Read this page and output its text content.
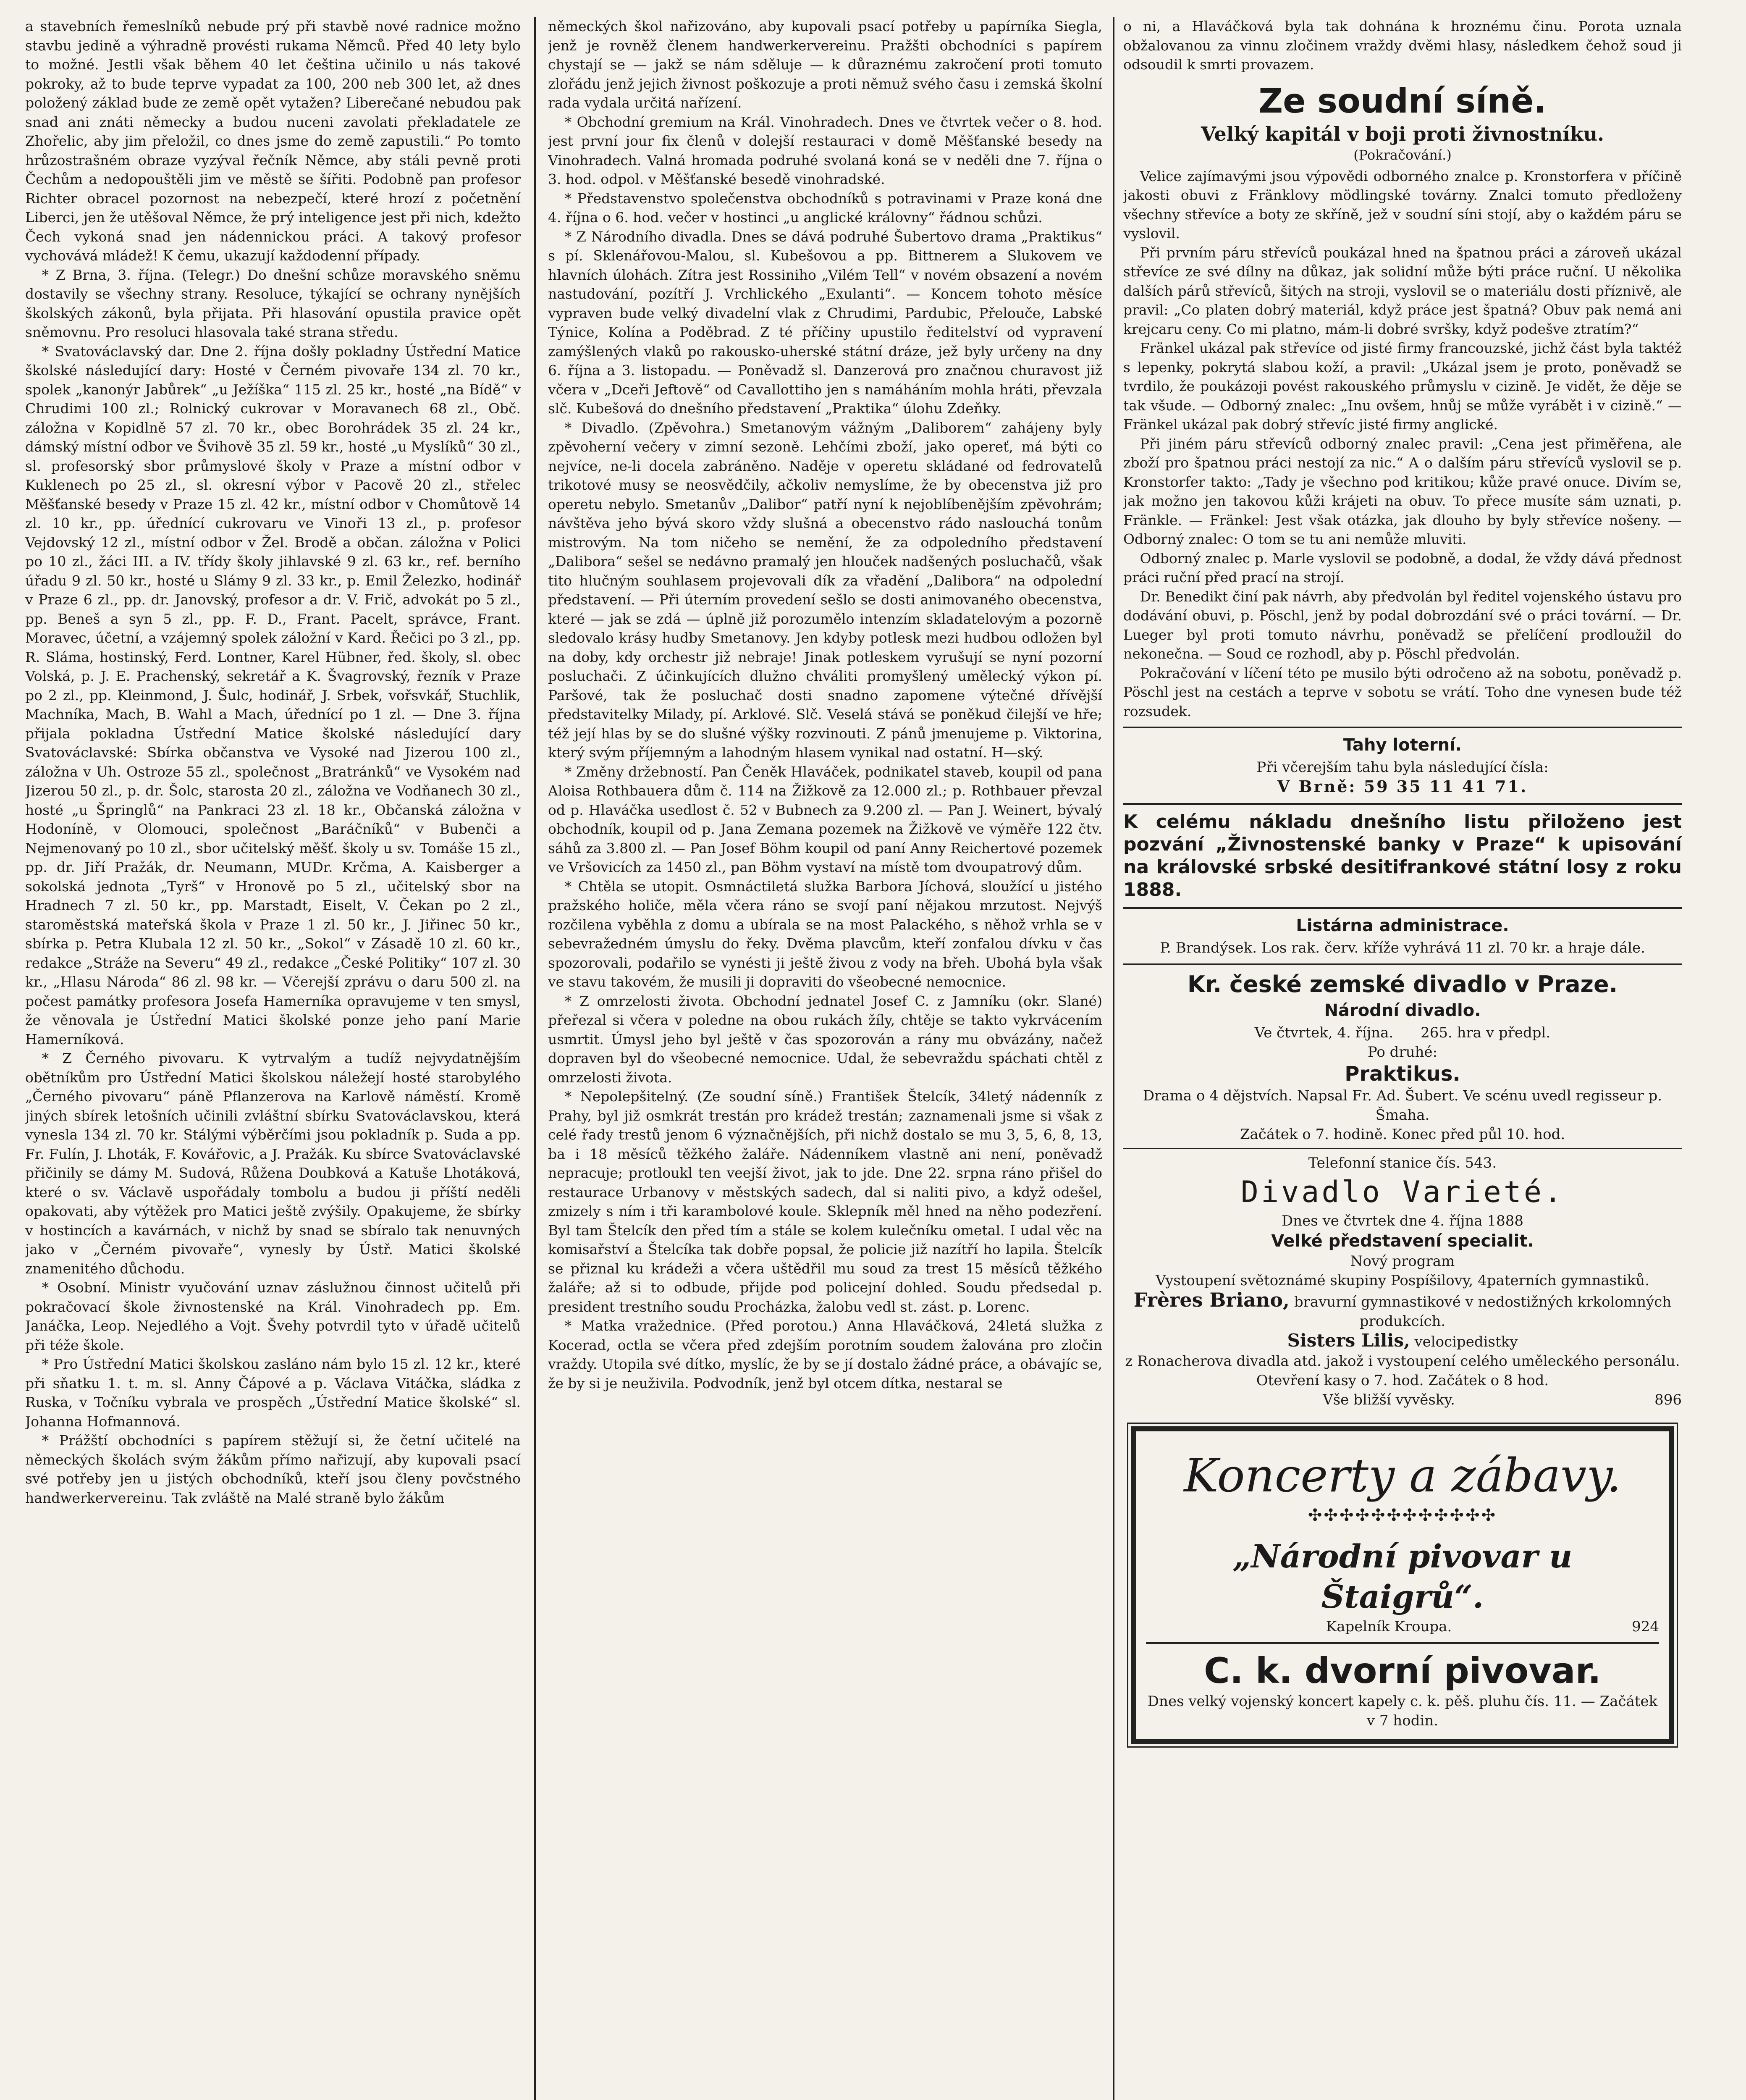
a stavebních řemeslníků nebude prý při stavbě nové radnice možno stavbu jedině a výhradně provésti rukama Němců. Před 40 lety bylo to možné. Jestli však během 40 let čeština učinilo u nás takové pokroky, až to bude teprve vypadat za 100, 200 neb 300 let, až dnes položený základ bude ze země opět vytažen? Liberečané nebudou pak snad ani znáti německy a budou nuceni zavolati překladatele ze Zhořelic, aby jim přeložil, co dnes jsme do země zapustili.“ Po tomto hrůzostrašném obraze vyzýval řečník Němce, aby stáli pevně proti Čechům a nedopouštěli jim ve městě se šířiti. Podobně pan profesor Richter obracel pozornost na nebezpečí, které hrozí z početnění Liberci, jen že utěšoval Němce, že prý inteligence jest při nich, kdežto Čech vykoná snad jen nádennickou práci. A takový profesor vychovává mládež! K čemu, ukazují každodenní případy.

* Z Brna, 3. října. (Telegr.) Do dnešní schůze moravského sněmu dostavily se všechny strany. Resoluce, týkající se ochrany nynějších školských zákonů, byla přijata. Při hlasování opustila pravice opět sněmovnu. Pro resoluci hlasovala také strana středu.

* Svatováclavský dar. Dne 2. října došly pokladny Ústřední Matice školské následující dary: Hosté v Černém pivovaře 134 zl. 70 kr., spolek „kanonýr Jabůrek“ „u Ježíška“ 115 zl. 25 kr., hosté „na Bídě“ v Chrudimi 100 zl.; Rolnický cukrovar v Moravanech 68 zl., Obč. záložna v Kopidlně 57 zl. 70 kr., obec Borohrádek 35 zl. 24 kr., dámský místní odbor ve Švihově 35 zl. 59 kr., hosté „u Myslíků“ 30 zl., sl. profesorský sbor průmyslové školy v Praze a místní odbor v Kuklenech po 25 zl., sl. okresní výbor v Pacově 20 zl., střelec Měšťanské besedy v Praze 15 zl. 42 kr., místní odbor v Chomůtově 14 zl. 10 kr., pp. úřednící cukrovaru ve Vinoři 13 zl., p. profesor Vejdovský 12 zl., místní odbor v Žel. Brodě a občan. záložna v Polici po 10 zl., žáci III. a IV. třídy školy jihlavské 9 zl. 63 kr., ref. berního úřadu 9 zl. 50 kr., hosté u Slámy 9 zl. 33 kr., p. Emil Železko, hodinář v Praze 6 zl., pp. dr. Janovský, profesor a dr. V. Frič, advokát po 5 zl., pp. Beneš a syn 5 zl., pp. F. D., Frant. Pacelt, správce, Frant. Moravec, účetní, a vzájemný spolek záložní v Kard. Řečici po 3 zl., pp. R. Sláma, hostinský, Ferd. Lontner, Karel Hübner, řed. školy, sl. obec Volská, p. J. E. Prachenský, sekretář a K. Švagrovský, řezník v Praze po 2 zl., pp. Kleinmond, J. Šulc, hodinář, J. Srbek, vořsvkář, Stuchlik, Machníka, Mach, B. Wahl a Mach, úřednící po 1 zl. — Dne 3. října přijala pokladna Ústřední Matice školské následující dary Svatováclavské: Sbírka občanstva ve Vysoké nad Jizerou 100 zl., záložna v Uh. Ostroze 55 zl., společnost „Bratránků“ ve Vysokém nad Jizerou 50 zl., p. dr. Šolc, starosta 20 zl., záložna ve Vodňanech 30 zl., hosté „u Špringlů“ na Pankraci 23 zl. 18 kr., Občanská záložna v Hodoníně, v Olomouci, společnost „Baráčníků“ v Bubenči a Nejmenovaný po 10 zl., sbor učitelský měšť. školy u sv. Tomáše 15 zl., pp. dr. Jiří Pražák, dr. Neumann, MUDr. Krčma, A. Kaisberger a sokolská jednota „Tyrš“ v Hronově po 5 zl., učitelský sbor na Hradnech 7 zl. 50 kr., pp. Marstadt, Eiselt, V. Čekan po 2 zl., staroměstská mateřská škola v Praze 1 zl. 50 kr., J. Jiřinec 50 kr., sbírka p. Petra Klubala 12 zl. 50 kr., „Sokol“ v Zásadě 10 zl. 60 kr., redakce „Stráže na Severu“ 49 zl., redakce „České Politiky“ 107 zl. 30 kr., „Hlasu Národa“ 86 zl. 98 kr. — Včerejší zprávu o daru 500 zl. na počest památky profesora Josefa Hamerníka opravujeme v ten smysl, že věnovala je Ústřední Matici školské ponze jeho paní Marie Hamerníková.

* Z Černého pivovaru. K vytrvalým a tudíž nejvydatnějším obětníkům pro Ústřední Matici školskou náležejí hosté starobylého „Černého pivovaru“ páně Pflanzerova na Karlově náměstí. Kromě jiných sbírek letošních učinili zvláštní sbírku Svatováclavskou, která vynesla 134 zl. 70 kr. Stálými výběrčími jsou pokladník p. Suda a pp. Fr. Fulín, J. Lhoták, F. Kovářovic, a J. Pražák. Ku sbírce Svatováclavské přičinily se dámy M. Sudová, Růžena Doubková a Katuše Lhotáková, které o sv. Václavě uspořádaly tombolu a budou ji příští neděli opakovati, aby výtěžek pro Matici ještě zvýšily. Opakujeme, že sbírky v hostincích a kavárnách, v nichž by snad se sbíralo tak nenuvných jako v „Černém pivovaře“, vynesly by Ústř. Matici školské znamenitého důchodu.

* Osobní. Ministr vyučování uznav záslužnou činnost učitelů při pokračovací škole živnostenské na Král. Vinohradech pp. Em. Janáčka, Leop. Nejedlého a Vojt. Švehy potvrdil tyto v úřadě učitelů při téže škole.

* Pro Ústřední Matici školskou zasláno nám bylo 15 zl. 12 kr., které při sňatku 1. t. m. sl. Anny Čápové a p. Václava Vitáčka, sládka z Ruska, v Točníku vybrala ve prospěch „Ústřední Matice školské“ sl. Johanna Hofmannová.

* Prážští obchodníci s papírem stěžují si, že četní učitelé na německých školách svým žákům přímo nařizují, aby kupovali psací své potřeby jen u jistých obchodníků, kteří jsou členy povčstného handwerkervereinu. Tak zvláště na Malé straně bylo žákům

německých škol nařizováno, aby kupovali psací potřeby u papírníka Siegla, jenž je rovněž členem handwerkervereinu. Pražšti obchodníci s papírem chystají se — jakž se nám sděluje — k důraznému zakročení proti tomuto zlořádu jenž jejich živnost poškozuje a proti němuž svého času i zemská školní rada vydala určitá nařízení.

* Obchodní gremium na Král. Vinohradech. Dnes ve čtvrtek večer o 8. hod. jest první jour fix členů v dolejší restauraci v domě Měšťanské besedy na Vinohradech. Valná hromada podruhé svolaná koná se v neděli dne 7. října o 3. hod. odpol. v Měšťanské besedě vinohradské.

* Představenstvo společenstva obchodníků s potravinami v Praze koná dne 4. října o 6. hod. večer v hostinci „u anglické královny“ řádnou schůzi.

* Z Národního divadla. Dnes se dává podruhé Šubertovo drama „Praktikus“ s pí. Sklenářovou-Malou, sl. Kubešovou a pp. Bittnerem a Slukovem ve hlavních úlohách. Zítra jest Rossiniho „Vilém Tell“ v novém obsazení a novém nastudování, pozítří J. Vrchlického „Exulanti“. — Koncem tohoto měsíce vypraven bude velký divadelní vlak z Chrudimi, Pardubic, Přelouče, Labské Týnice, Kolína a Poděbrad. Z té příčiny upustilo ředitelství od vypravení zamýšlených vlaků po rakousko-uherské státní dráze, jež byly určeny na dny 6. října a 3. listopadu. — Poněvadž sl. Danzerová pro značnou churavost již včera v „Dceři Jeftově“ od Cavallottiho jen s namáháním mohla hráti, převzala slč. Kubešová do dnešního představení „Praktika“ úlohu Zdeňky.

* Divadlo. (Zpěvohra.) Smetanovým vážným „Daliborem“ zahájeny byly zpěvoherní večery v zimní sezoně. Lehčími zboží, jako opereť, má býti co nejvíce, ne-li docela zabráněno. Naděje v operetu skládané od fedrovatelů trikotové musy se neosvědčily, ačkoliv nemyslíme, že by obecenstva již pro operetu nebylo. Smetanův „Dalibor“ patří nyní k nejoblíbenějším zpěvohrám; návštěva jeho bývá skoro vždy slušná a obecenstvo rádo naslouchá tonům mistrovým. Na tom ničeho se nemění, že za odpoledního představení „Dalibora“ sešel se nedávno pramalý jen hlouček nadšených posluchačů, však tito hlučným souhlasem projevovali dík za vřadění „Dalibora“ na odpolední představení. — Při úterním provedení sešlo se dosti animovaného obecenstva, které — jak se zdá — úplně již porozumělo intenzím skladatelovým a pozorně sledovalo krásy hudby Smetanovy. Jen kdyby potlesk mezi hudbou odložen byl na doby, kdy orchestr již nebraje! Jinak potleskem vyrušují se nyní pozorní posluchači. Z účinkujících dlužno chváliti promyšlený umělecký výkon pí. Paršové, tak že posluchač dosti snadno zapomene výtečné dřívější představitelky Milady, pí. Arklové. Slč. Veselá stává se poněkud čilejší ve hře; též její hlas by se do slušné výšky rozvinouti. Z pánů jmenujeme p. Viktorina, který svým příjemným a lahodným hlasem vynikal nad ostatní. H—ský.

* Změny držebností. Pan Čeněk Hlaváček, podnikatel staveb, koupil od pana Aloisa Rothbauera dům č. 114 na Žižkově za 12.000 zl.; p. Rothbauer převzal od p. Hlaváčka usedlost č. 52 v Bubnech za 9.200 zl. — Pan J. Weinert, bývalý obchodník, koupil od p. Jana Zemana pozemek na Žižkově ve výměře 122 čtv. sáhů za 3.800 zl. — Pan Josef Böhm koupil od paní Anny Reichertové pozemek ve Vršovicích za 1450 zl., pan Böhm vystaví na místě tom dvoupatrový dům.

* Chtěla se utopit. Osmnáctiletá služka Barbora Jíchová, sloužící u jistého pražského holiče, měla včera ráno se svojí paní nějakou mrzutost. Nejvýš rozčilena vyběhla z domu a ubírala se na most Palackého, s něhož vrhla se v sebevražedném úmyslu do řeky. Dvěma plavcům, kteří zonfalou dívku v čas spozorovali, podařilo se vynésti ji ještě živou z vody na břeh. Ubohá byla však ve stavu takovém, že musili ji dopraviti do všeobecné nemocnice.

* Z omrzelosti života. Obchodní jednatel Josef C. z Jamníku (okr. Slané) přeřezal si včera v poledne na obou rukách žíly, chtěje se takto vykrvácením usmrtit. Úmysl jeho byl ještě v čas spozorován a rány mu obvázány, načež dopraven byl do všeobecné nemocnice. Udal, že sebevraždu spáchati chtěl z omrzelosti života.

* Nepolepšitelný. (Ze soudní síně.) František Štelcík, 34letý nádenník z Prahy, byl již osmkrát trestán pro krádež trestán; zaznamenali jsme si však z celé řady trestů jenom 6 význačnějších, při nichž dostalo se mu 3, 5, 6, 8, 13, ba i 18 měsíců těžkého žaláře. Nádenníkem vlastně ani není, poněvadž nepracuje; protloukl ten veejší život, jak to jde. Dne 22. srpna ráno přišel do restaurace Urbanovy v městských sadech, dal si naliti pivo, a když odešel, zmizely s ním i tři karambolové koule. Sklepník měl hned na něho podezření. Byl tam Štelcík den před tím a stále se kolem kulečníku ometal. I udal věc na komisařství a Štelcíka tak dobře popsal, že policie již nazítří ho lapila. Štelcík se přiznal ku krádeži a včera uštědřil mu soud za trest 15 měsíců těžkého žaláře; až si to odbude, přijde pod policejní dohled. Soudu předsedal p. president trestního soudu Procházka, žalobu vedl st. zást. p. Lorenc.

* Matka vražednice. (Před porotou.) Anna Hlaváčková, 24letá služka z Kocerad, octla se včera před zdejším porotním soudem žalována pro zločin vraždy. Utopila své dítko, myslíc, že by se jí dostalo žádné práce, a obávajíc se, že by si je neuživila. Podvodník, jenž byl otcem dítka, nestaral se

o ni, a Hlaváčková byla tak dohnána k hroznému činu. Porota uznala obžalovanou za vinnu zločinem vraždy dvěmi hlasy, následkem čehož soud ji odsoudil k smrti provazem.

Ze soudní síně.
Velký kapitál v boji proti živnostníku.
(Pokračování.)

Velice zajímavými jsou výpovědi odborného znalce p. Kronstorfera v příčině jakosti obuvi z Fränklovy mödlingské továrny. Znalci tomuto předloženy všechny střevíce a boty ze skříně, jež v soudní síni stojí, aby o každém páru se vyslovil.

Při prvním páru střevíců poukázal hned na špatnou práci a zároveň ukázal střevíce ze své dílny na důkaz, jak solidní může býti práce ruční. U několika dalších párů střevíců, šitých na stroji, vyslovil se o materiálu dosti příznivě, ale pravil: „Co platen dobrý materiál, když práce jest špatná? Obuv pak nemá ani krejcaru ceny. Co mi platno, mám-li dobré svršky, když podešve ztratím?“

Fränkel ukázal pak střevíce od jisté firmy francouzské, jichž část byla taktéž s lepenky, pokrytá slabou koží, a pravil: „Ukázal jsem je proto, poněvadž se tvrdilo, že poukázoji povést rakouského průmyslu v cizině. Je vidět, že děje se tak všude. — Odborný znalec: „Inu ovšem, hnůj se může vyrábět i v cizině.“ — Fränkel ukázal pak dobrý střevíc jisté firmy anglické.

Při jiném páru střevíců odborný znalec pravil: „Cena jest přiměřena, ale zboží pro špatnou práci nestojí za nic.“ A o dalším páru střevíců vyslovil se p. Kronstorfer takto: „Tady je všechno pod kritikou; kůže pravé onuce. Divím se, jak možno jen takovou kůži krájeti na obuv. To přece musíte sám uznati, p. Fränkle. — Fränkel: Jest však otázka, jak dlouho by byly střevíce nošeny. — Odborný znalec: O tom se tu ani nemůže mluviti.

Odborný znalec p. Marle vyslovil se podobně, a dodal, že vždy dává přednost práci ruční před prací na strojí.

Dr. Benedikt činí pak návrh, aby předvolán byl ředitel vojenského ústavu pro dodávání obuvi, p. Pöschl, jenž by podal dobrozdání své o práci tovární. — Dr. Lueger byl proti tomuto návrhu, poněvadž se přelíčení prodloužil do nekonečna. — Soud ce rozhodl, aby p. Pöschl předvolán.

Pokračování v líčení této pe musilo býti odročeno až na sobotu, poněvadž p. Pöschl jest na cestách a teprve v sobotu se vrátí. Toho dne vynesen bude též rozsudek.

Tahy loterní.

Při včerejším tahu byla následující čísla:

V Brně: 59 35 11 41 71.

K celému nákladu dnešního listu přiloženo jest pozvání „Živnostenské banky v Praze“ k upisování na královské srbské desitifrankové státní losy z roku 1888.
Listárna administrace.

P. Brandýsek. Los rak. červ. kříže vyhrává 11 zl. 70 kr. a hraje dále.

Kr. české zemské divadlo v Praze.
Národní divadlo.

Ve čtvrtek, 4. října. 265. hra v předpl.

Po druhé:

Praktikus.

Drama o 4 dějstvích. Napsal Fr. Ad. Šubert. Ve scénu uvedl regisseur p. Šmaha.

Začátek o 7. hodině. Konec před půl 10. hod.

Telefonní stanice čís. 543.

Divadlo Varieté.

Dnes ve čtvrtek dne 4. října 1888

Velké představení specialit.

Nový program

Vystoupení světoznámé skupiny Pospíšilovy, 4paterních gymnastiků.

Frères Briano, bravurní gymnastikové v nedostižných krkolomných produkcích.

Sisters Lilis, velocipedistky

z Ronacherova divadla atd. jakož i vystoupení celého uměleckého personálu.

Otevření kasy o 7. hod. Začátek o 8 hod.

Vše bližší vyvěsky.	896

Koncerty a zábavy.
✣✣✣✣✣✣✣✣✣✣✣✣
„Národní pivovar u Štaigrů“.

Kapelník Kroupa.	924

C. k. dvorní pivovar.

Dnes velký vojenský koncert kapely c. k. pěš. pluhu čís. 11. — Začátek v 7 hodin.
